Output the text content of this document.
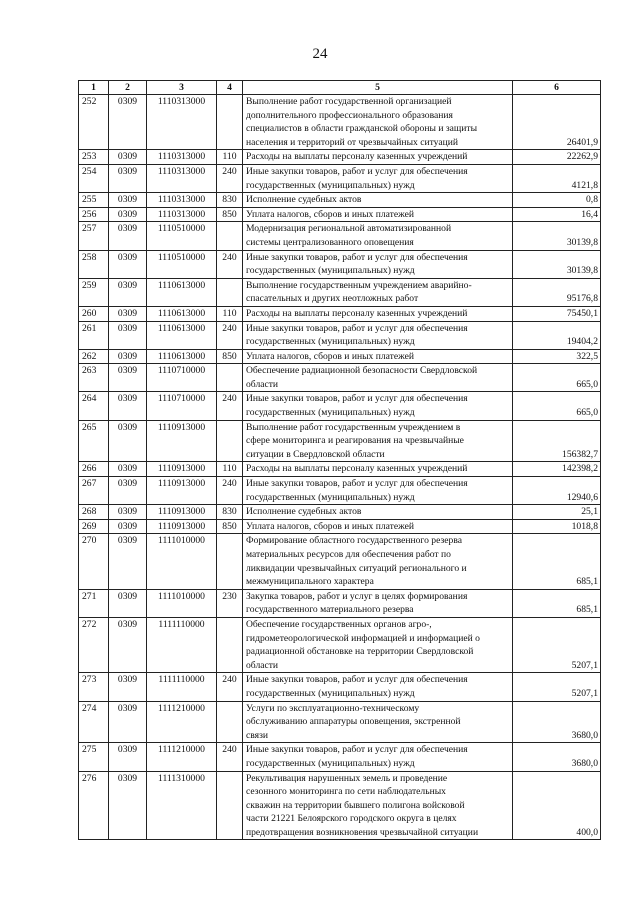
24
1	2	3	4	5	6
252	0309	1110313000		Выполнение работ государственной организацией
дополнительного профессионального образования
специалистов в области гражданской обороны и защиты
населения и территорий от чрезвычайных ситуаций	26401,9
253	0309	1110313000	110	Расходы на выплаты персоналу казенных учреждений	22262,9
254	0309	1110313000	240	Иные закупки товаров, работ и услуг для обеспечения
государственных (муниципальных) нужд	4121,8
255	0309	1110313000	830	Исполнение судебных актов	0,8
256	0309	1110313000	850	Уплата налогов, сборов и иных платежей	16,4
257	0309	1110510000		Модернизация региональной автоматизированной
системы централизованного оповещения	30139,8
258	0309	1110510000	240	Иные закупки товаров, работ и услуг для обеспечения
государственных (муниципальных) нужд	30139,8
259	0309	1110613000		Выполнение государственным учреждением аварийно-
спасательных и других неотложных работ	95176,8
260	0309	1110613000	110	Расходы на выплаты персоналу казенных учреждений	75450,1
261	0309	1110613000	240	Иные закупки товаров, работ и услуг для обеспечения
государственных (муниципальных) нужд	19404,2
262	0309	1110613000	850	Уплата налогов, сборов и иных платежей	322,5
263	0309	1110710000		Обеспечение радиационной безопасности Свердловской
области	665,0
264	0309	1110710000	240	Иные закупки товаров, работ и услуг для обеспечения
государственных (муниципальных) нужд	665,0
265	0309	1110913000		Выполнение работ государственным учреждением в
сфере мониторинга и реагирования на чрезвычайные
ситуации в Свердловской области	156382,7
266	0309	1110913000	110	Расходы на выплаты персоналу казенных учреждений	142398,2
267	0309	1110913000	240	Иные закупки товаров, работ и услуг для обеспечения
государственных (муниципальных) нужд	12940,6
268	0309	1110913000	830	Исполнение судебных актов	25,1
269	0309	1110913000	850	Уплата налогов, сборов и иных платежей	1018,8
270	0309	1111010000		Формирование областного государственного резерва
материальных ресурсов для обеспечения работ по
ликвидации чрезвычайных ситуаций регионального и
межмуниципального характера	685,1
271	0309	1111010000	230	Закупка товаров, работ и услуг в целях формирования
государственного материального резерва	685,1
272	0309	1111110000		Обеспечение государственных органов агро-,
гидрометеорологической информацией и информацией о
радиационной обстановке на территории Свердловской
области	5207,1
273	0309	1111110000	240	Иные закупки товаров, работ и услуг для обеспечения
государственных (муниципальных) нужд	5207,1
274	0309	1111210000		Услуги по эксплуатационно-техническому
обслуживанию аппаратуры оповещения, экстренной
связи	3680,0
275	0309	1111210000	240	Иные закупки товаров, работ и услуг для обеспечения
государственных (муниципальных) нужд	3680,0
276	0309	1111310000		Рекультивация нарушенных земель и проведение
сезонного мониторинга по сети наблюдательных
скважин на территории бывшего полигона войсковой
части 21221 Белоярского городского округа в целях
предотвращения возникновения чрезвычайной ситуации	400,0
